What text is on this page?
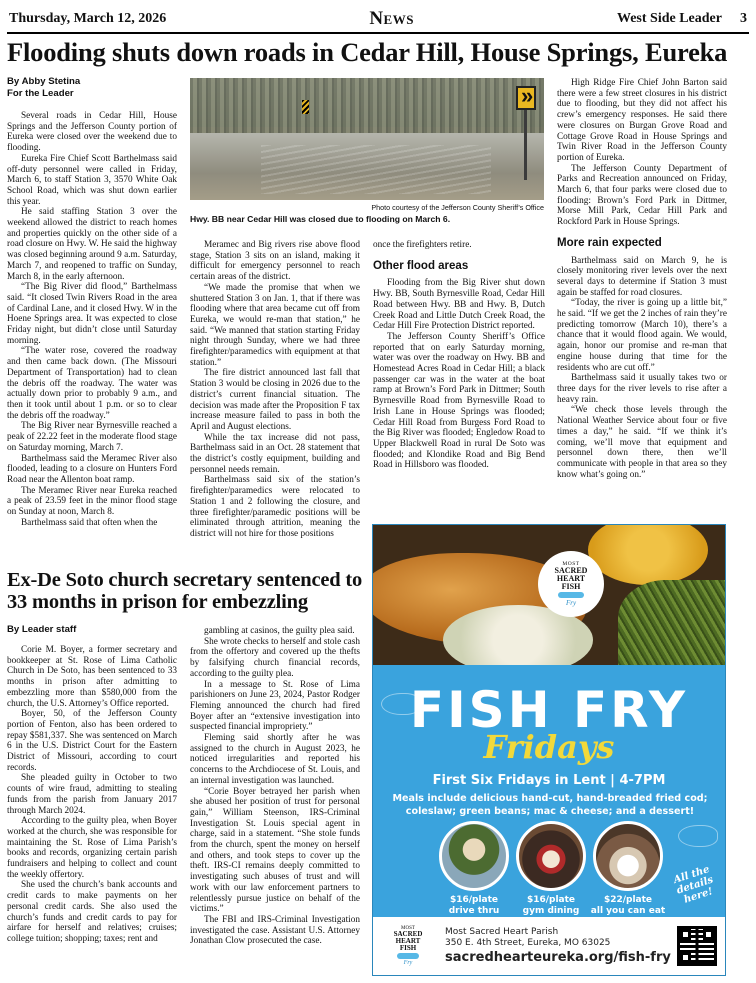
Thursday, March 12, 2026	News	West Side Leader 3
Flooding shuts down roads in Cedar Hill, House Springs, Eureka
By Abby Stetina
For the Leader

Several roads in Cedar Hill, House Springs and the Jefferson County portion of Eureka were closed over the weekend due to flooding.

Eureka Fire Chief Scott Barthelmass said off-duty personnel were called in Friday, March 6, to staff Station 3, 3570 White Oak School Road, which was shut down earlier this year.

He said staffing Station 3 over the weekend allowed the district to reach homes and properties quickly on the other side of a road closure on Hwy. W. He said the highway was closed beginning around 9 a.m. Saturday, March 7, and reopened to traffic on Sunday, March 8, in the early afternoon.

“The Big River did flood,” Barthelmass said. “It closed Twin Rivers Road in the area of Cardinal Lane, and it closed Hwy. W in the Hoene Springs area. It was expected to close Friday night, but didn’t close until Saturday morning.

“The water rose, covered the roadway and then came back down. (The Missouri Department of Transportation) had to clean the debris off the roadway. The water was actually down prior to probably 9 a.m., and then it took until about 1 p.m. or so to clear the debris off the roadway.”

The Big River near Byrnesville reached a peak of 22.22 feet in the moderate flood stage on Saturday morning, March 7.

Barthelmass said the Meramec River also flooded, leading to a closure on Hunters Ford Road near the Allenton boat ramp.

The Meramec River near Eureka reached a peak of 23.59 feet in the minor flood stage on Sunday at noon, March 8.

Barthelmass said that often when the

»
Photo courtesy of the Jefferson County Sheriff’s Office
Hwy. BB near Cedar Hill was closed due to flooding on March 6.

Meramec and Big rivers rise above flood stage, Station 3 sits on an island, making it difficult for emergency personnel to reach certain areas of the district.

“We made the promise that when we shuttered Station 3 on Jan. 1, that if there was flooding where that area became cut off from Eureka, we would re-man that station,” he said. “We manned that station starting Friday night through Sunday, where we had three firefighter/paramedics with equipment at that station.”

The fire district announced last fall that Station 3 would be closing in 2026 due to the district’s current financial situation. The decision was made after the Proposition F tax increase measure failed to pass in both the April and August elections.

While the tax increase did not pass, Barthelmass said in an Oct. 28 statement that the district’s costly equipment, building and personnel needs remain.

Barthelmass said six of the station’s firefighter/paramedics were relocated to Station 1 and 2 following the closure, and three firefighter/paramedic positions will be eliminated through attrition, meaning the district will not hire for those positions

once the firefighters retire.

Other flood areas

Flooding from the Big River shut down Hwy. BB, South Byrnesville Road, Cedar Hill Road between Hwy. BB and Hwy. B, Dutch Creek Road and Little Dutch Creek Road, the Cedar Hill Fire Protection District reported.

The Jefferson County Sheriff’s Office reported that on early Saturday morning, water was over the roadway on Hwy. BB and Homestead Acres Road in Cedar Hill; a black passenger car was in the water at the boat ramp at Brown’s Ford Park in Dittmer; South Byrnesville Road from Byrnesville Road to Irish Lane in House Springs was flooded; Cedar Hill Road from Burgess Ford Road to the Big River was flooded; Engledow Road to Upper Blackwell Road in rural De Soto was flooded; and Klondike Road and Big Bend Road in Hillsboro was flooded.

High Ridge Fire Chief John Barton said there were a few street closures in his district due to flooding, but they did not affect his crew’s emergency responses. He said there were closures on Burgan Grove Road and Cottage Grove Road in House Springs and Twin River Road in the Jefferson County portion of Eureka.

The Jefferson County Department of Parks and Recreation announced on Friday, March 6, that four parks were closed due to flooding: Brown’s Ford Park in Dittmer, Morse Mill Park, Cedar Hill Park and Rockford Park in House Springs.

More rain expected

Barthelmass said on March 9, he is closely monitoring river levels over the next several days to determine if Station 3 must again be staffed for road closures.

“Today, the river is going up a little bit,” he said. “If we get the 2 inches of rain they’re predicting tomorrow (March 10), there’s a chance that it would flood again. We would, again, honor our promise and re-man that engine house during that time for the residents who are cut off.”

Barthelmass said it usually takes two or three days for the river levels to rise after a heavy rain.

“We check those levels through the National Weather Service about four or five times a day,” he said. “If we think it’s coming, we’ll move that equipment and personnel down there, then we’ll communicate with people in that area so they know what’s going on.”

Ex-De Soto church secretary sentenced to 33 months in prison for embezzling
By Leader staff

Corie M. Boyer, a former secretary and bookkeeper at St. Rose of Lima Catholic Church in De Soto, has been sentenced to 33 months in prison after admitting to embezzling more than $580,000 from the church, the U.S. Attorney’s Office reported.

Boyer, 50, of the Jefferson County portion of Fenton, also has been ordered to repay $581,337. She was sentenced on March 6 in the U.S. District Court for the Eastern District of Missouri, according to court records.

She pleaded guilty in October to two counts of wire fraud, admitting to stealing funds from the parish from January 2017 through March 2024.

According to the guilty plea, when Boyer worked at the church, she was responsible for maintaining the St. Rose of Lima Parish’s books and records, organizing certain parish fundraisers and helping to collect and count the weekly offertory.

She used the church’s bank accounts and credit cards to make payments on her personal credit cards. She also used the church’s funds and credit cards to pay for airfare for herself and relatives; cruises; college tuition; shopping; taxes; rent and

gambling at casinos, the guilty plea said.

She wrote checks to herself and stole cash from the offertory and covered up the thefts by falsifying church financial records, according to the guilty plea.

In a message to St. Rose of Lima parishioners on June 23, 2024, Pastor Rodger Fleming announced the church had fired Boyer after an “extensive investigation into suspected financial impropriety.”

Fleming said shortly after he was assigned to the church in August 2023, he noticed irregularities and reported his concerns to the Archdiocese of St. Louis, and an internal investigation was launched.

“Corie Boyer betrayed her parish when she abused her position of trust for personal gain,” William Steenson, IRS-Criminal Investigation St. Louis special agent in charge, said in a statement. “She stole funds from the church, spent the money on herself and others, and took steps to cover up the theft. IRS-CI remains deeply committed to investigating such abuses of trust and will work with our law enforcement partners to relentlessly pursue justice on behalf of the victims.”

The FBI and IRS-Criminal Investigation investigated the case. Assistant U.S. Attorney Jonathan Clow prosecuted the case.

MOST
SACRED HEART
FISH
Fry
FISH FRY
Fridays
First Six Fridays in Lent | 4-7PM
Meals include delicious hand-cut, hand-breaded fried cod; coleslaw; green beans; mac & cheese; and a dessert!
$16/plate
drive thru
$16/plate
gym dining
$22/plate
all you can eat
All the details here!
MOST
SACRED HEART
FISH
Fry
Most Sacred Heart Parish
350 E. 4th Street, Eureka, MO 63025
sacredhearteureka.org/fish-fry
